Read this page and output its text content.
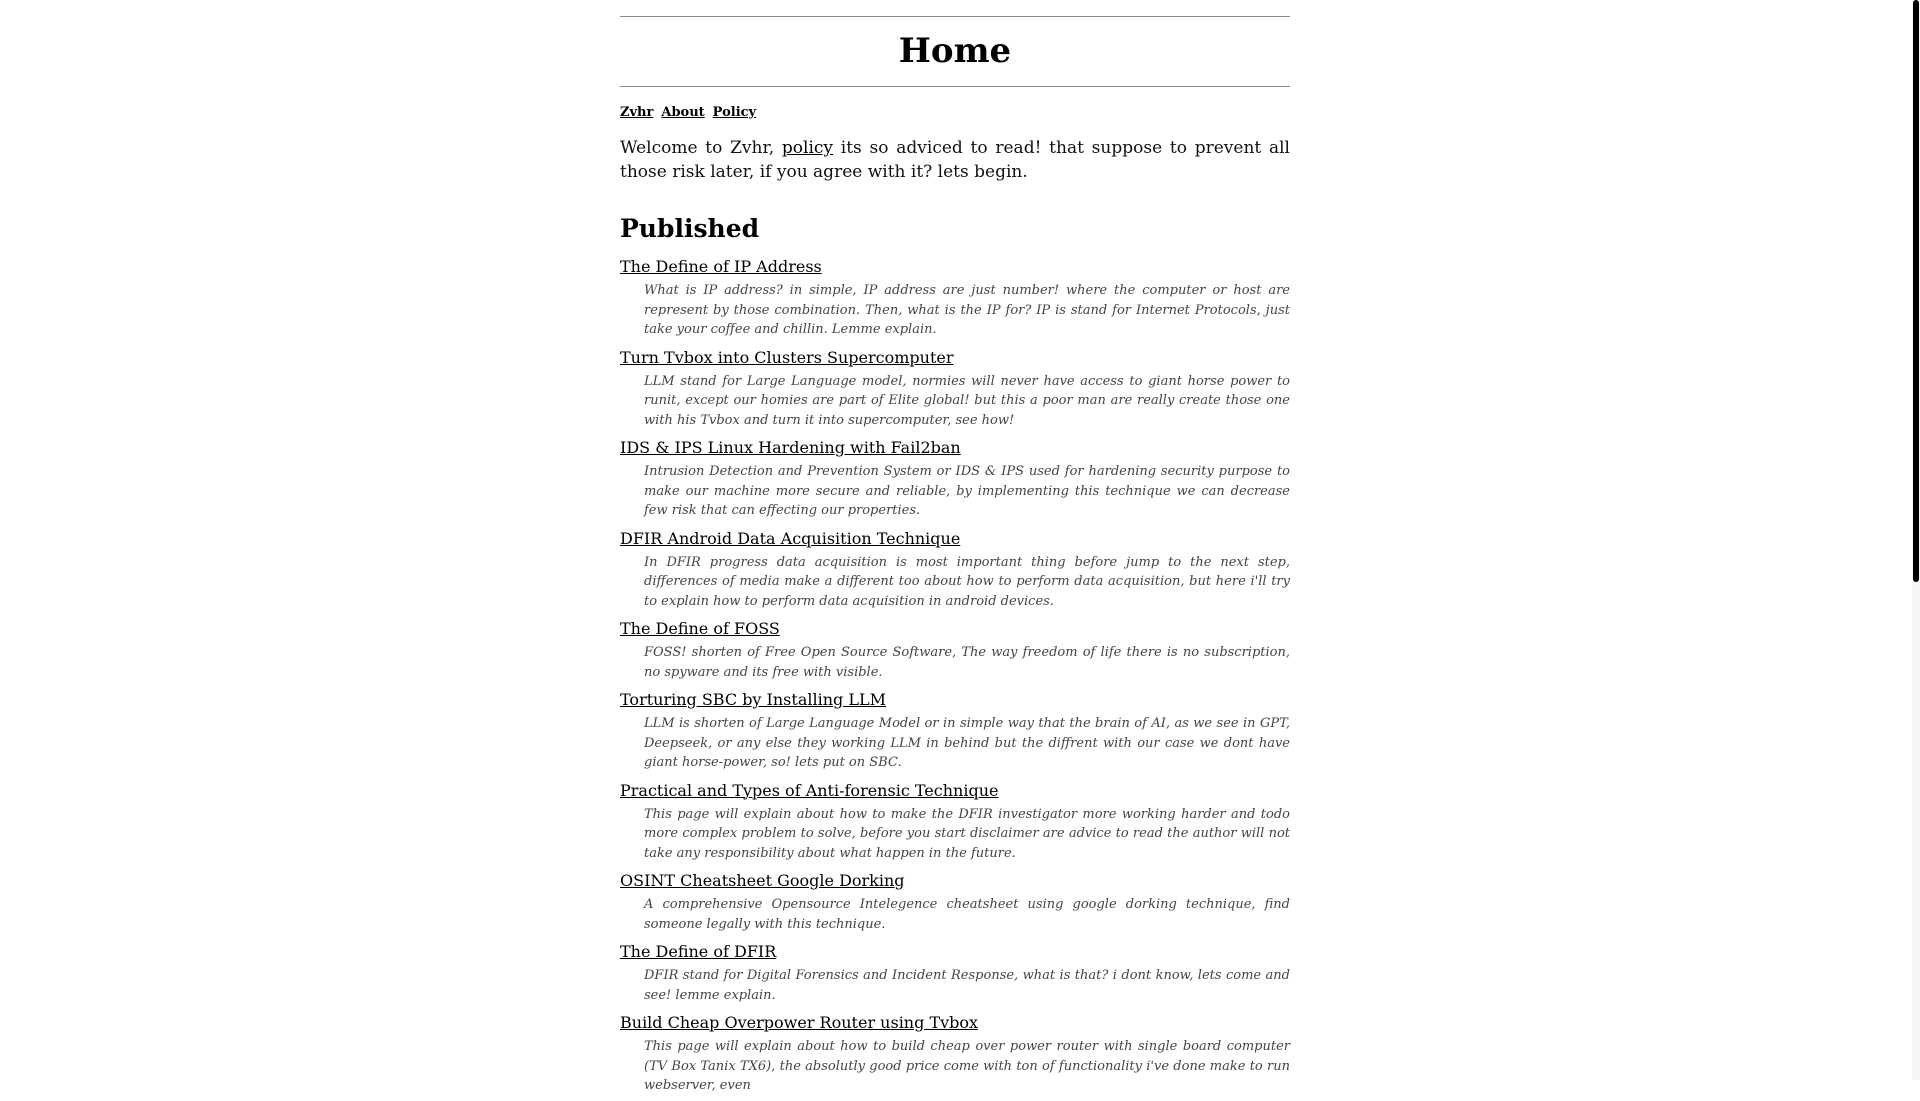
Home
Zvhr About Policy

Welcome to Zvhr, policy its so adviced to read! that suppose to prevent all those risk later, if you agree with it? lets begin.

Published
The Define of IP Address

What is IP address? in simple, IP address are just number! where the computer or host are represent by those combination. Then, what is the IP for? IP is stand for Internet Protocols, just take your coffee and chillin. Lemme explain.

Turn Tvbox into Clusters Supercomputer

LLM stand for Large Language model, normies will never have access to giant horse power to runit, except our homies are part of Elite global! but this a poor man are really create those one with his Tvbox and turn it into supercomputer, see how!

IDS & IPS Linux Hardening with Fail2ban

Intrusion Detection and Prevention System or IDS & IPS used for hardening security purpose to make our machine more secure and reliable, by implementing this technique we can decrease few risk that can effecting our properties.

DFIR Android Data Acquisition Technique

In DFIR progress data acquisition is most important thing before jump to the next step, differences of media make a different too about how to perform data acquisition, but here i'll try to explain how to perform data acquisition in android devices.

The Define of FOSS

FOSS! shorten of Free Open Source Software, The way freedom of life there is no subscription, no spyware and its free with visible.

Torturing SBC by Installing LLM

LLM is shorten of Large Language Model or in simple way that the brain of AI, as we see in GPT, Deepseek, or any else they working LLM in behind but the diffrent with our case we dont have giant horse-power, so! lets put on SBC.

Practical and Types of Anti-forensic Technique

This page will explain about how to make the DFIR investigator more working harder and todo more complex problem to solve, before you start disclaimer are advice to read the author will not take any responsibility about what happen in the future.

OSINT Cheatsheet Google Dorking

A comprehensive Opensource Intelegence cheatsheet using google dorking technique, find someone legally with this technique.

The Define of DFIR

DFIR stand for Digital Forensics and Incident Response, what is that? i dont know, lets come and see! lemme explain.

Build Cheap Overpower Router using Tvbox

This page will explain about how to build cheap over power router with single board computer (TV Box Tanix TX6), the absolutly good price come with ton of functionality i've done make to run webserver, even
